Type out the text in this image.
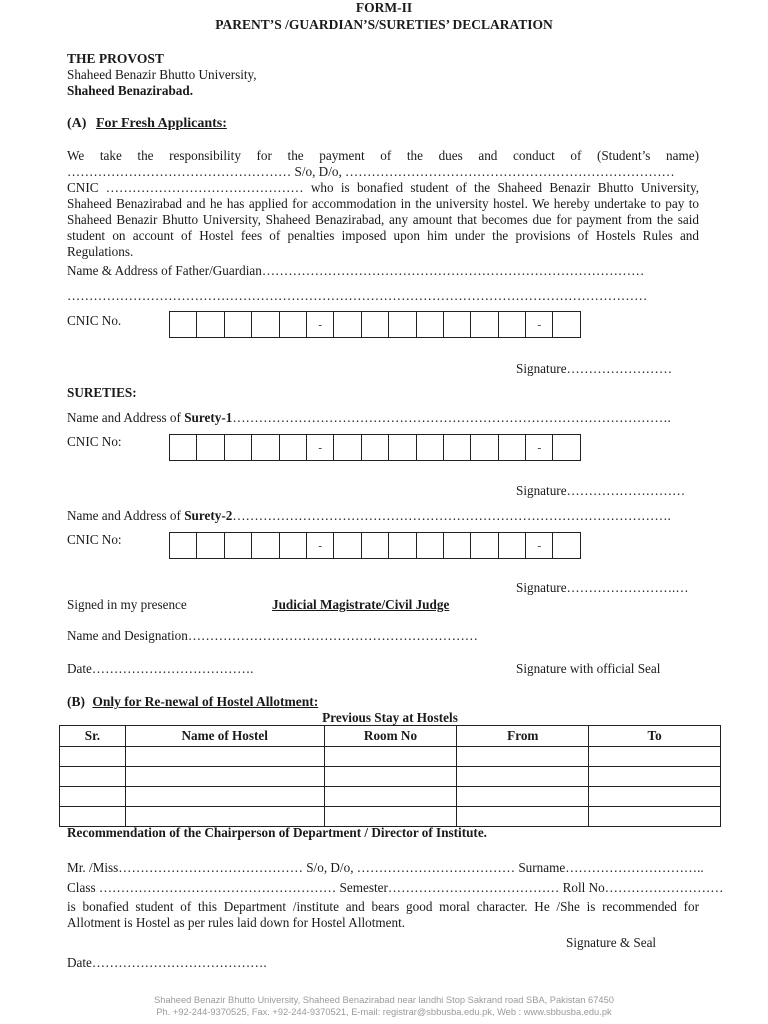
FORM-II
PARENT’S /GUARDIAN’S/SURETIES’ DECLARATION
THE PROVOST
Shaheed Benazir Bhutto University,
Shaheed Benazirabad.
(A) For Fresh Applicants:
We take the responsibility for the payment of the dues and conduct of (Student’s name)
…………………………………………… S/o, D/o, …………………………………………………………………
CNIC ……………………………………… who is bonafied student of the Shaheed Benazir Bhutto University, Shaheed Benazirabad and he has applied for accommodation in the university hostel. We hereby undertake to pay to Shaheed Benazir Bhutto University, Shaheed Benazirabad, any amount that becomes due for payment from the said student on account of Hostel fees of penalties imposed upon him under the provisions of Hostels Rules and Regulations.
Name & Address of Father/Guardian……………………………………………………………………………
……………………………………………………………………………………………………………………
CNIC No.	-	-
Signature……………………
SURETIES:
Name and Address of Surety-1……………………………………………………………………………………….
CNIC No:	-	-
Signature………………………
Name and Address of Surety-2……………………………………………………………………………………….
CNIC No:	-	-
Signature…………………….…
Signed in my presence	Judicial Magistrate/Civil Judge
Name and Designation…………………………………………………………
Date……………………………….	Signature with official Seal
(B) Only for Re-newal of Hostel Allotment:
Previous Stay at Hostels
Sr.	Name of Hostel	Room No	From	To

Recommendation of the Chairperson of Department / Director of Institute.
Mr. /Miss…………………………………… S/o, D/o, ……………………………… Surname…………………………..
Class ……………………………………………… Semester………………………………… Roll No………………………
is bonafied student of this Department /institute and bears good moral character. He /She is recommended for Allotment is Hostel as per rules laid down for Hostel Allotment.
Signature & Seal
Date………………………………….
Shaheed Benazir Bhutto University, Shaheed Benazirabad near landhi Stop Sakrand road SBA, Pakistan 67450
Ph. +92-244-9370525, Fax. +92-244-9370521, E-mail: registrar@sbbusba.edu.pk, Web : www.sbbusba.edu.pk
